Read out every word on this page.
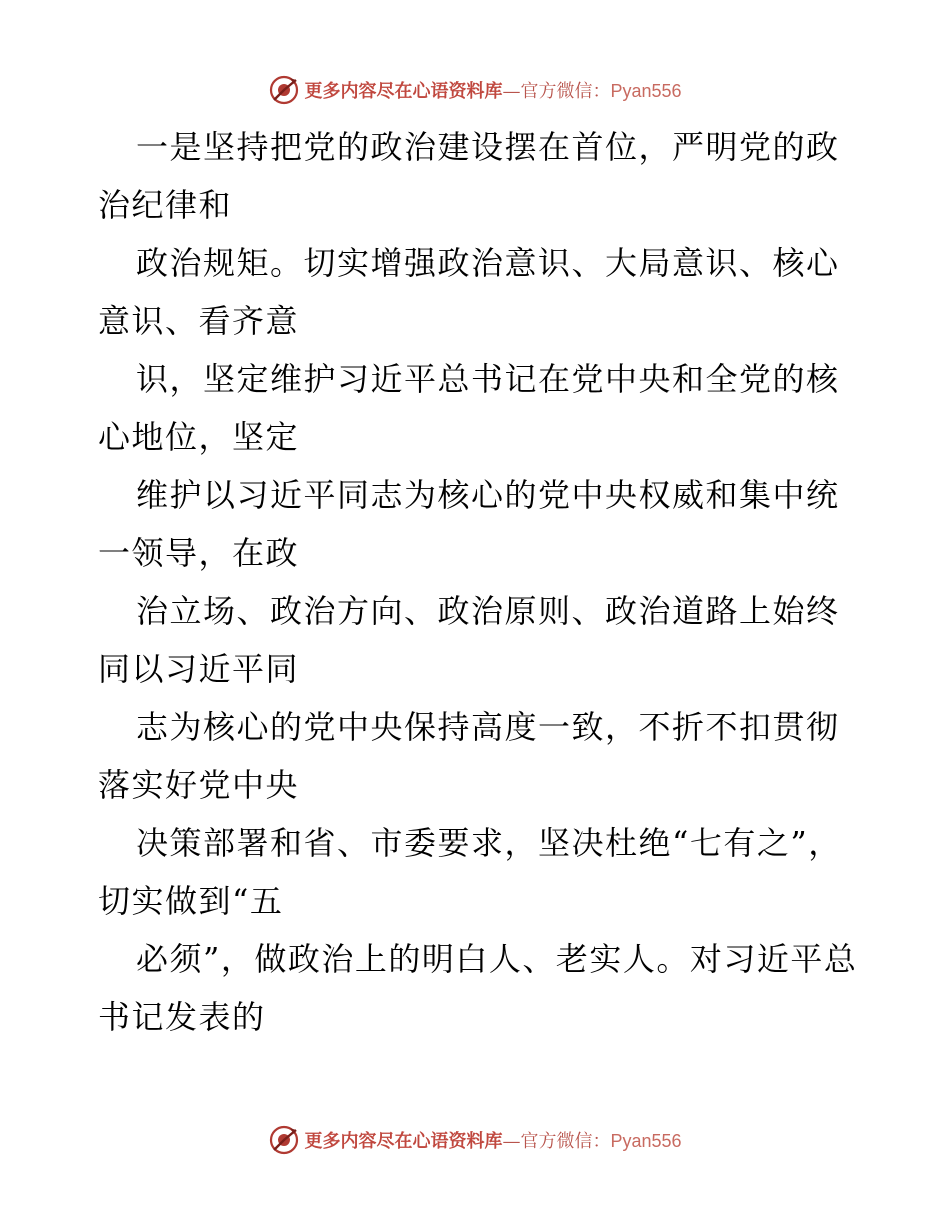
更多内容尽在心语资料库—官方微信：Pyan556

一是坚持把党的政治建设摆在首位，严明党的政治纪律和

政治规矩。切实增强政治意识、大局意识、核心意识、看齐意

识，坚定维护习近平总书记在党中央和全党的核心地位，坚定

维护以习近平同志为核心的党中央权威和集中统一领导，在政

治立场、政治方向、政治原则、政治道路上始终同以习近平同

志为核心的党中央保持高度一致，不折不扣贯彻落实好党中央

决策部署和省、市委要求，坚决杜绝“七有之”，切实做到“五

必须”，做政治上的明白人、老实人。对习近平总书记发表的

更多内容尽在心语资料库—官方微信：Pyan556
